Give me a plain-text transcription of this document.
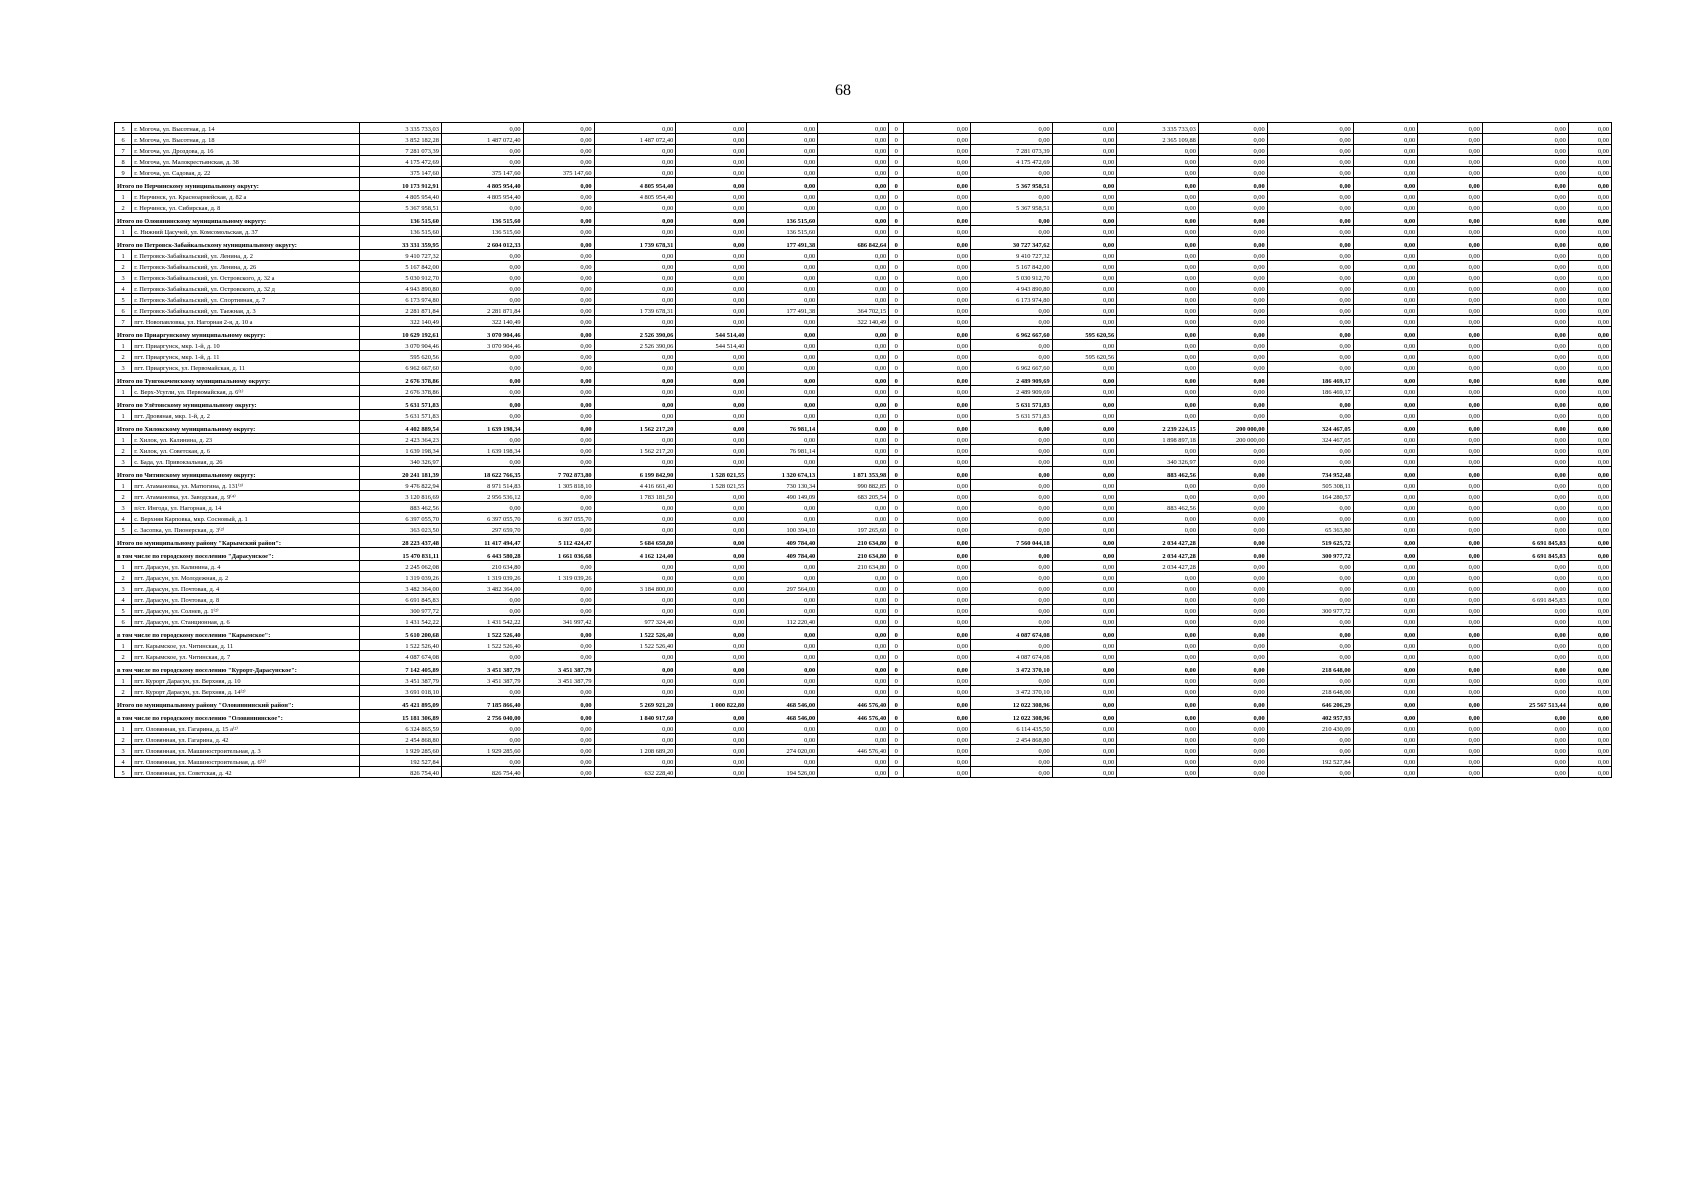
68
5	г. Могоча, ул. Высотная, д. 14	3 335 733,03	0,00	0,00	0,00	0,00	0,00	0,00	0	0,00	0,00	0,00	3 335 733,03	0,00	0,00	0,00	0,00	0,00	0,00
6	г. Могоча, ул. Высотная, д. 18	3 852 182,28	1 487 072,40	0,00	1 487 072,40	0,00	0,00	0,00	0	0,00	0,00	0,00	2 365 109,88	0,00	0,00	0,00	0,00	0,00	0,00
7	г. Могоча, ул. Дроздова, д. 16	7 281 073,39	0,00	0,00	0,00	0,00	0,00	0,00	0	0,00	7 281 073,39	0,00	0,00	0,00	0,00	0,00	0,00	0,00	0,00
8	г. Могоча, ул. Малокрестьянская, д. 38	4 175 472,69	0,00	0,00	0,00	0,00	0,00	0,00	0	0,00	4 175 472,69	0,00	0,00	0,00	0,00	0,00	0,00	0,00	0,00
9	г. Могоча, ул. Садовая, д. 22	375 147,60	375 147,60	375 147,60	0,00	0,00	0,00	0,00	0	0,00	0,00	0,00	0,00	0,00	0,00	0,00	0,00	0,00	0,00
Итого по Нерчинскому муниципальному округу:		10 173 912,91	4 805 954,40	0,00	4 805 954,40	0,00	0,00	0,00	0	0,00	5 367 958,51	0,00	0,00	0,00	0,00	0,00	0,00	0,00	0,00
1	г. Нерчинск, ул. Красноармейская, д. 82 а	4 805 954,40	4 805 954,40	0,00	4 805 954,40	0,00	0,00	0,00	0	0,00	0,00	0,00	0,00	0,00	0,00	0,00	0,00	0,00	0,00
2	г. Нерчинск, ул. Сибирская, д. 8	5 367 958,51	0,00	0,00	0,00	0,00	0,00	0,00	0	0,00	5 367 958,51	0,00	0,00	0,00	0,00	0,00	0,00	0,00	0,00
Итого по Оловянинскому муниципальному округу:		136 515,60	136 515,60	0,00	0,00	0,00	136 515,60	0,00	0	0,00	0,00	0,00	0,00	0,00	0,00	0,00	0,00	0,00	0,00
1	с. Нижний Цасучей, ул. Комсомольская, д. 37	136 515,60	136 515,60	0,00	0,00	0,00	136 515,60	0,00	0	0,00	0,00	0,00	0,00	0,00	0,00	0,00	0,00	0,00	0,00
Итого по Петровск-Забайкальскому муниципальному округу:		33 331 359,95	2 604 012,33	0,00	1 739 678,31	0,00	177 491,38	686 842,64	0	0,00	30 727 347,62	0,00	0,00	0,00	0,00	0,00	0,00	0,00	0,00
1	г. Петровск-Забайкальский, ул. Ленина, д. 2	9 410 727,32	0,00	0,00	0,00	0,00	0,00	0,00	0	0,00	9 410 727,32	0,00	0,00	0,00	0,00	0,00	0,00	0,00	0,00
2	г. Петровск-Забайкальский, ул. Ленина, д. 26	5 167 842,00	0,00	0,00	0,00	0,00	0,00	0,00	0	0,00	5 167 842,00	0,00	0,00	0,00	0,00	0,00	0,00	0,00	0,00
3	г. Петровск-Забайкальский, ул. Островского, д. 32 а	5 030 912,70	0,00	0,00	0,00	0,00	0,00	0,00	0	0,00	5 030 912,70	0,00	0,00	0,00	0,00	0,00	0,00	0,00	0,00
4	г. Петровск-Забайкальский, ул. Островского, д. 32 д	4 943 890,80	0,00	0,00	0,00	0,00	0,00	0,00	0	0,00	4 943 890,80	0,00	0,00	0,00	0,00	0,00	0,00	0,00	0,00
5	г. Петровск-Забайкальский, ул. Спортивная, д. 7	6 173 974,80	0,00	0,00	0,00	0,00	0,00	0,00	0	0,00	6 173 974,80	0,00	0,00	0,00	0,00	0,00	0,00	0,00	0,00
6	г. Петровск-Забайкальский, ул. Таежная, д. 3	2 281 871,84	2 281 871,84	0,00	1 739 678,31	0,00	177 491,38	364 702,15	0	0,00	0,00	0,00	0,00	0,00	0,00	0,00	0,00	0,00	0,00
7	пгт. Новопавловка, ул. Нагорная 2-я, д. 10 а	322 140,49	322 140,49	0,00	0,00	0,00	0,00	322 140,49	0	0,00	0,00	0,00	0,00	0,00	0,00	0,00	0,00	0,00	0,00
Итого по Приаргунскому муниципальному округу:		10 629 192,61	3 070 904,46	0,00	2 526 390,06	544 514,40	0,00	0,00	0	0,00	6 962 667,60	595 620,56	0,00	0,00	0,00	0,00	0,00	0,00	0,00
1	пгт. Приаргунск, мкр. 1-й, д. 10	3 070 904,46	3 070 904,46	0,00	2 526 390,06	544 514,40	0,00	0,00	0	0,00	0,00	0,00	0,00	0,00	0,00	0,00	0,00	0,00	0,00
2	пгт. Приаргунск, мкр. 1-й, д. 11	595 620,56	0,00	0,00	0,00	0,00	0,00	0,00	0	0,00	0,00	595 620,56	0,00	0,00	0,00	0,00	0,00	0,00	0,00
3	пгт. Приаргунск, ул. Первомайская, д. 11	6 962 667,60	0,00	0,00	0,00	0,00	0,00	0,00	0	0,00	6 962 667,60	0,00	0,00	0,00	0,00	0,00	0,00	0,00	0,00
Итого по Тунгокоченскому муниципальному округу:		2 676 378,86	0,00	0,00	0,00	0,00	0,00	0,00	0	0,00	2 489 909,69	0,00	0,00	0,00	186 469,17	0,00	0,00	0,00	0,00
1	с. Верх-Усугли, ул. Первомайская, д. 6⁽¹⁾	2 676 378,86	0,00	0,00	0,00	0,00	0,00	0,00	0	0,00	2 489 909,69	0,00	0,00	0,00	186 469,17	0,00	0,00	0,00	0,00
Итого по Улётовскому муниципальному округу:		5 631 571,83	0,00	0,00	0,00	0,00	0,00	0,00	0	0,00	5 631 571,83	0,00	0,00	0,00	0,00	0,00	0,00	0,00	0,00
1	пгт. Дровяная, мкр. 1-й, д. 2	5 631 571,83	0,00	0,00	0,00	0,00	0,00	0,00	0	0,00	5 631 571,83	0,00	0,00	0,00	0,00	0,00	0,00	0,00	0,00
Итого по Хилокскому муниципальному округу:		4 402 889,54	1 639 198,34	0,00	1 562 217,20	0,00	76 981,14	0,00	0	0,00	0,00	0,00	2 239 224,15	200 000,00	324 467,05	0,00	0,00	0,00	0,00
1	г. Хилок, ул. Калинина, д. 23	2 423 364,23	0,00	0,00	0,00	0,00	0,00	0,00	0	0,00	0,00	0,00	1 898 897,18	200 000,00	324 467,05	0,00	0,00	0,00	0,00
2	г. Хилок, ул. Советская, д. 6	1 639 198,34	1 639 198,34	0,00	1 562 217,20	0,00	76 981,14	0,00	0	0,00	0,00	0,00	0,00	0,00	0,00	0,00	0,00	0,00	0,00
3	с. Бада, ул. Привокзальная, д. 26	340 326,97	0,00	0,00	0,00	0,00	0,00	0,00	0	0,00	0,00	0,00	340 326,97	0,00	0,00	0,00	0,00	0,00	0,00
Итого по Читинскому муниципальному округу:		20 241 181,39	18 622 766,35	7 702 873,80	6 199 842,90	1 528 021,55	1 320 674,13	1 871 353,98	0	0,00	0,00	0,00	883 462,56	0,00	734 952,48	0,00	0,00	0,00	0,00
1	пгт. Атамановка, ул. Матюгина, д. 131⁽³⁾	9 476 822,94	8 971 514,83	1 305 818,10	4 416 661,40	1 528 021,55	730 130,34	990 882,85	0	0,00	0,00	0,00	0,00	0,00	505 308,11	0,00	0,00	0,00	0,00
2	пгт. Атамановка, ул. Заводская, д. 9⁽⁴⁾	3 120 816,69	2 956 536,12	0,00	1 783 181,50	0,00	490 149,09	683 205,54	0	0,00	0,00	0,00	0,00	0,00	164 280,57	0,00	0,00	0,00	0,00
3	п/ст. Ингода, ул. Нагорная, д. 14	883 462,56	0,00	0,00	0,00	0,00	0,00	0,00	0	0,00	0,00	0,00	883 462,56	0,00	0,00	0,00	0,00	0,00	0,00
4	с. Верхняя Карповка, мкр. Сосновый, д. 1	6 397 055,70	6 397 055,70	6 397 055,70	0,00	0,00	0,00	0,00	0	0,00	0,00	0,00	0,00	0,00	0,00	0,00	0,00	0,00	0,00
5	с. Засопка, ул. Пионерская, д. 3⁽²⁾	363 023,50	297 659,70	0,00	0,00	0,00	100 394,10	197 265,60	0	0,00	0,00	0,00	0,00	0,00	65 363,80	0,00	0,00	0,00	0,00
Итого по муниципальному району "Карымский район":		28 223 437,48	11 417 494,47	5 112 424,47	5 684 650,80	0,00	409 784,40	210 634,80	0	0,00	7 560 044,18	0,00	2 034 427,28	0,00	519 625,72	0,00	0,00	6 691 845,83	0,00
в том числе по городскому поселению "Дарасунское":		15 470 831,11	6 443 580,28	1 661 036,68	4 162 124,40	0,00	409 784,40	210 634,80	0	0,00	0,00	0,00	2 034 427,28	0,00	300 977,72	0,00	0,00	6 691 845,83	0,00
1	пгт. Дарасун, ул. Калинина, д. 4	2 245 062,08	210 634,80	0,00	0,00	0,00	0,00	210 634,80	0	0,00	0,00	0,00	2 034 427,28	0,00	0,00	0,00	0,00	0,00	0,00
2	пгт. Дарасун, ул. Молодежная, д. 2	1 319 039,26	1 319 039,26	1 319 039,26	0,00	0,00	0,00	0,00	0	0,00	0,00	0,00	0,00	0,00	0,00	0,00	0,00	0,00	0,00
3	пгт. Дарасун, ул. Почтовая, д. 4	3 482 364,00	3 482 364,00	0,00	3 184 800,00	0,00	297 564,00	0,00	0	0,00	0,00	0,00	0,00	0,00	0,00	0,00	0,00	0,00	0,00
4	пгт. Дарасун, ул. Почтовая, д. 8	6 691 845,83	0,00	0,00	0,00	0,00	0,00	0,00	0	0,00	0,00	0,00	0,00	0,00	0,00	0,00	0,00	6 691 845,83	0,00
5	пгт. Дарасун, ул. Солнев, д. 1⁽²⁾	300 977,72	0,00	0,00	0,00	0,00	0,00	0,00	0	0,00	0,00	0,00	0,00	0,00	300 977,72	0,00	0,00	0,00	0,00
6	пгт. Дарасун, ул. Станционная, д. 6	1 431 542,22	1 431 542,22	341 997,42	977 324,40	0,00	112 220,40	0,00	0	0,00	0,00	0,00	0,00	0,00	0,00	0,00	0,00	0,00	0,00
в том числе по городскому поселению "Карымское":		5 610 200,68	1 522 526,40	0,00	1 522 526,40	0,00	0,00	0,00	0	0,00	4 087 674,08	0,00	0,00	0,00	0,00	0,00	0,00	0,00	0,00
1	пгт. Карымское, ул. Читинская, д. 11	1 522 526,40	1 522 526,40	0,00	1 522 526,40	0,00	0,00	0,00	0	0,00	0,00	0,00	0,00	0,00	0,00	0,00	0,00	0,00	0,00
2	пгт. Карымское, ул. Читинская, д. 7	4 087 674,08	0,00	0,00	0,00	0,00	0,00	0,00	0	0,00	4 087 674,08	0,00	0,00	0,00	0,00	0,00	0,00	0,00	0,00
в том числе по городскому поселению "Курорт-Дарасунское":		7 142 405,89	3 451 387,79	3 451 387,79	0,00	0,00	0,00	0,00	0	0,00	3 472 370,10	0,00	0,00	0,00	218 648,00	0,00	0,00	0,00	0,00
1	пгт. Курорт Дарасун, ул. Верхняя, д. 10	3 451 387,79	3 451 387,79	3 451 387,79	0,00	0,00	0,00	0,00	0	0,00	0,00	0,00	0,00	0,00	0,00	0,00	0,00	0,00	0,00
2	пгт. Курорт Дарасун, ул. Верхняя, д. 14⁽²⁾	3 691 018,10	0,00	0,00	0,00	0,00	0,00	0,00	0	0,00	3 472 370,10	0,00	0,00	0,00	218 648,00	0,00	0,00	0,00	0,00
Итого по муниципальному району "Оловяннинский район":		45 421 895,09	7 185 866,40	0,00	5 269 921,20	1 000 822,80	468 546,00	446 576,40	0	0,00	12 022 308,96	0,00	0,00	0,00	646 206,29	0,00	0,00	25 567 513,44	0,00
в том числе по городскому поселению "Оловяннинское":		15 181 306,89	2 756 040,00	0,00	1 840 917,60	0,00	468 546,00	446 576,40	0	0,00	12 022 308,96	0,00	0,00	0,00	402 957,93	0,00	0,00	0,00	0,00
1	пгт. Оловянная, ул. Гагарина, д. 15 а⁽²⁾	6 324 865,59	0,00	0,00	0,00	0,00	0,00	0,00	0	0,00	6 114 435,50	0,00	0,00	0,00	210 430,09	0,00	0,00	0,00	0,00
2	пгт. Оловянная, ул. Гагарина, д. 42	2 454 868,80	0,00	0,00	0,00	0,00	0,00	0,00	0	0,00	2 454 868,80	0,00	0,00	0,00	0,00	0,00	0,00	0,00	0,00
3	пгт. Оловянная, ул. Машиностроительная, д. 3	1 929 285,60	1 929 285,60	0,00	1 208 689,20	0,00	274 020,00	446 576,40	0	0,00	0,00	0,00	0,00	0,00	0,00	0,00	0,00	0,00	0,00
4	пгт. Оловянная, ул. Машиностроительная, д. 6⁽²⁾	192 527,84	0,00	0,00	0,00	0,00	0,00	0,00	0	0,00	0,00	0,00	0,00	0,00	192 527,84	0,00	0,00	0,00	0,00
5	пгт. Оловянная, ул. Советская, д. 42	826 754,40	826 754,40	0,00	632 228,40	0,00	194 526,00	0,00	0	0,00	0,00	0,00	0,00	0,00	0,00	0,00	0,00	0,00	0,00
